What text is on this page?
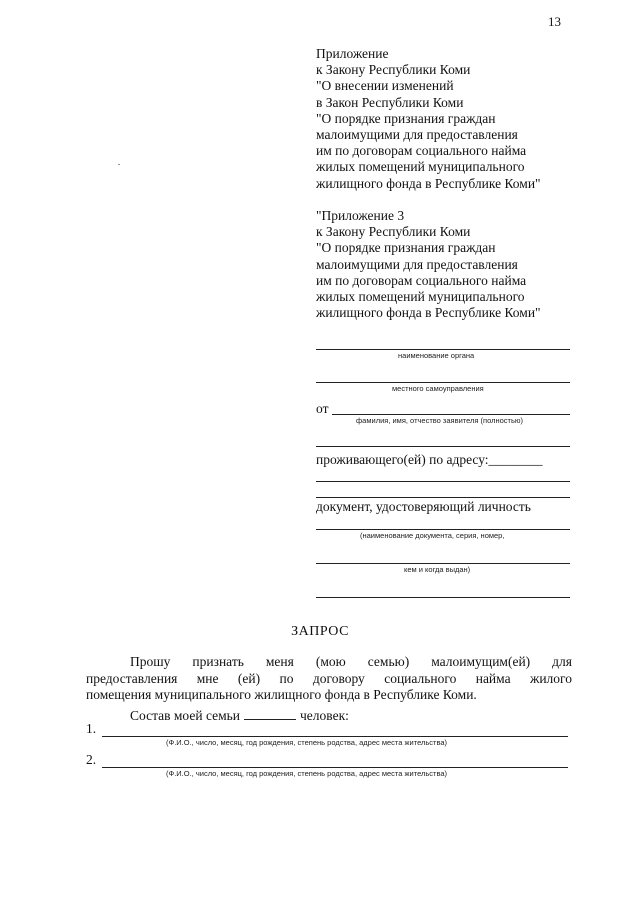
13
Приложение
к Закону Республики Коми
"О внесении изменений
в Закон Республики Коми
"О порядке признания граждан
малоимущими для предоставления
им по договорам социального найма
жилых помещений муниципального
жилищного фонда в Республике Коми"
"Приложение 3
к Закону Республики Коми
"О порядке признания граждан
малоимущими для предоставления
им по договорам социального найма
жилых помещений муниципального
жилищного фонда в Республике Коми"
наименование органа
местного самоуправления
от
фамилия, имя, отчество заявителя (полностью)
проживающего(ей) по адресу:________
документ, удостоверяющий личность
(наименование документа, серия, номер,
кем и когда выдан)
ЗАПРОС
Прошу признать меня (мою семью) малоимущим(ей) для
предоставления мне (ей) по договору социального найма жилого
помещения муниципального жилищного фонда в Республике Коми.
Состав моей семьи	человек:
1.
(Ф.И.О., число, месяц, год рождения, степень родства, адрес места жительства)
2.
(Ф.И.О., число, месяц, год рождения, степень родства, адрес места жительства)
